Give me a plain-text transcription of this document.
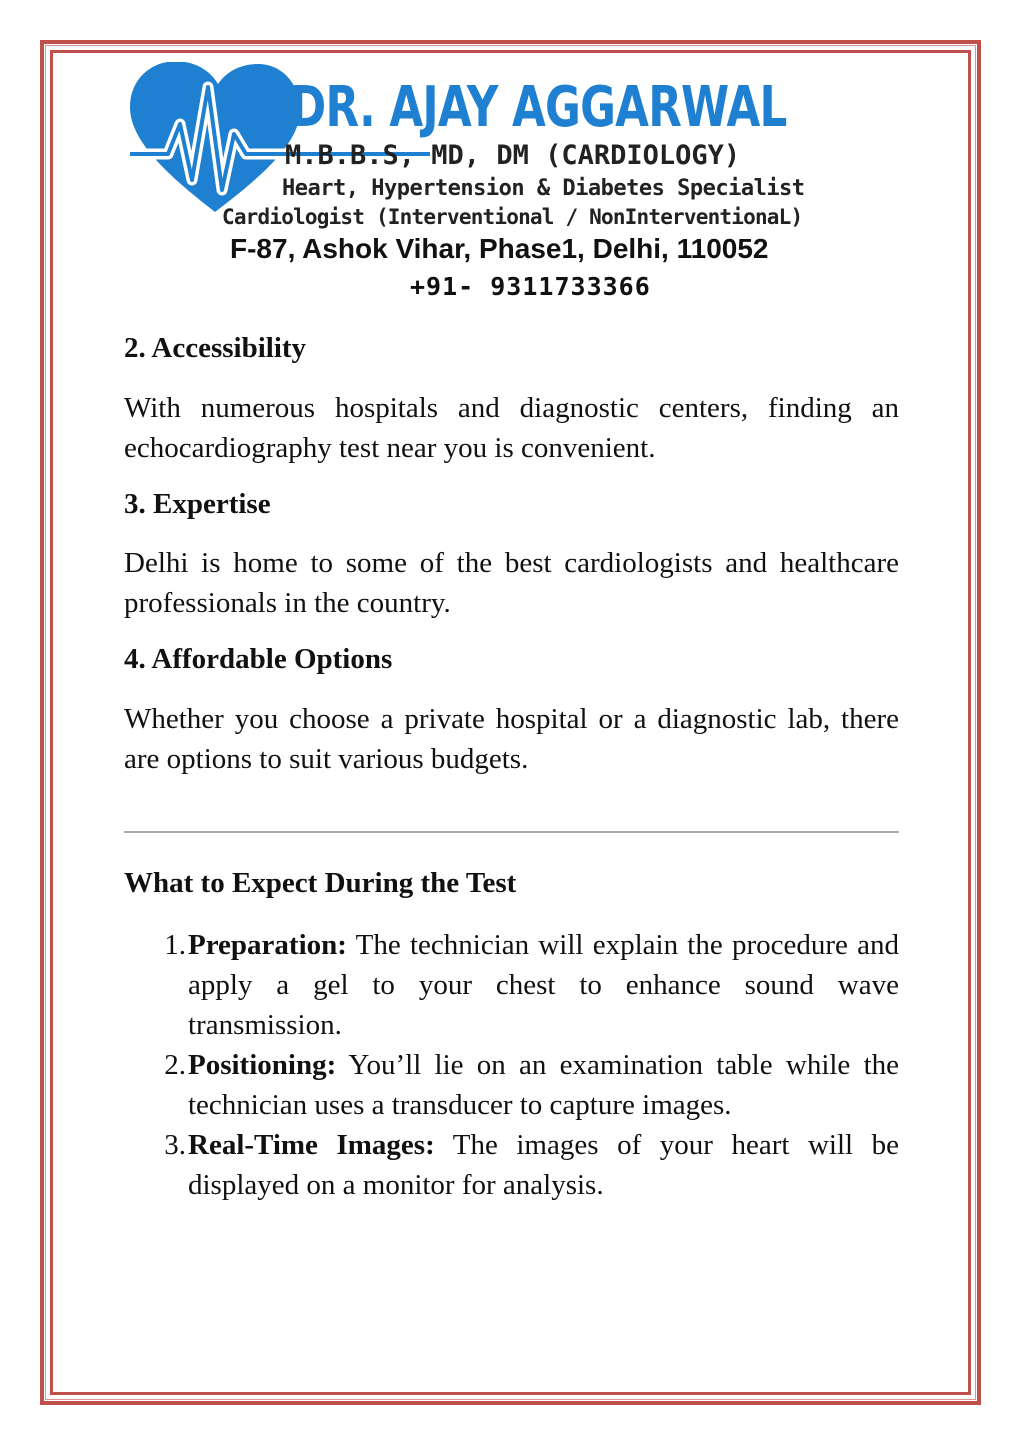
DR. AJAY AGGARWAL
M.B.B.S, MD, DM (CARDIOLOGY)
Heart, Hypertension & Diabetes Specialist
Cardiologist (Interventional / NonInterventionaL)
F-87, Ashok Vihar, Phase1, Delhi, 110052
+91- 9311733366
2. Accessibility

With numerous hospitals and diagnostic centers, finding an echocardiography test near you is convenient.

3. Expertise

Delhi is home to some of the best cardiologists and healthcare professionals in the country.

4. Affordable Options

Whether you choose a private hospital or a diagnostic lab, there are options to suit various budgets.

What to Expect During the Test
1. Preparation: The technician will explain the procedure and apply a gel to your chest to enhance sound wave transmission.
2. Positioning: You’ll lie on an examination table while the technician uses a transducer to capture images.
3. Real-Time Images: The images of your heart will be displayed on a monitor for analysis.
